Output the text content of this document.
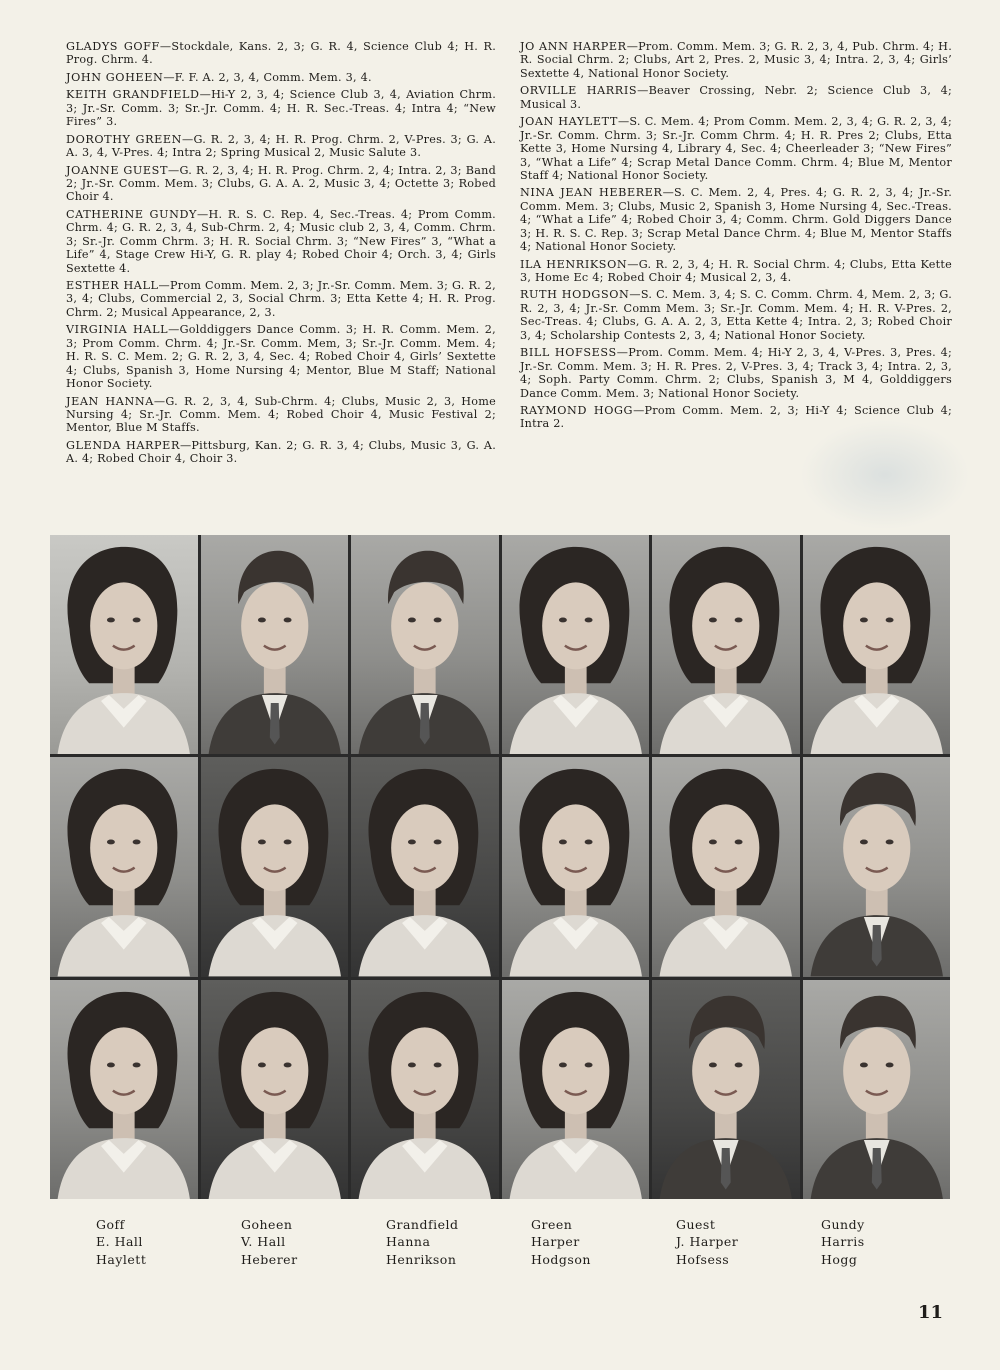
GLADYS GOFF—Stockdale, Kans. 2, 3; G. R. 4, Science Club 4; H. R. Prog. Chrm. 4.

JOHN GOHEEN—F. F. A. 2, 3, 4, Comm. Mem. 3, 4.

KEITH GRANDFIELD—Hi-Y 2, 3, 4; Science Club 3, 4, Aviation Chrm. 3; Jr.-Sr. Comm. 3; Sr.-Jr. Comm. 4; H. R. Sec.-Treas. 4; Intra 4; “New Fires” 3.

DOROTHY GREEN—G. R. 2, 3, 4; H. R. Prog. Chrm. 2, V-Pres. 3; G. A. A. 3, 4, V-Pres. 4; Intra 2; Spring Musical 2, Music Salute 3.

JOANNE GUEST—G. R. 2, 3, 4; H. R. Prog. Chrm. 2, 4; Intra. 2, 3; Band 2; Jr.-Sr. Comm. Mem. 3; Clubs, G. A. A. 2, Music 3, 4; Octette 3; Robed Choir 4.

CATHERINE GUNDY—H. R. S. C. Rep. 4, Sec.-Treas. 4; Prom Comm. Chrm. 4; G. R. 2, 3, 4, Sub-Chrm. 2, 4; Music club 2, 3, 4, Comm. Chrm. 3; Sr.-Jr. Comm Chrm. 3; H. R. Social Chrm. 3; “New Fires” 3, “What a Life” 4, Stage Crew Hi-Y, G. R. play 4; Robed Choir 4; Orch. 3, 4; Girls Sextette 4.

ESTHER HALL—Prom Comm. Mem. 2, 3; Jr.-Sr. Comm. Mem. 3; G. R. 2, 3, 4; Clubs, Commercial 2, 3, Social Chrm. 3; Etta Kette 4; H. R. Prog. Chrm. 2; Musical Appearance, 2, 3.

VIRGINIA HALL—Golddiggers Dance Comm. 3; H. R. Comm. Mem. 2, 3; Prom Comm. Chrm. 4; Jr.-Sr. Comm. Mem, 3; Sr.-Jr. Comm. Mem. 4; H. R. S. C. Mem. 2; G. R. 2, 3, 4, Sec. 4; Robed Choir 4, Girls’ Sextette 4; Clubs, Spanish 3, Home Nursing 4; Mentor, Blue M Staff; National Honor Society.

JEAN HANNA—G. R. 2, 3, 4, Sub-Chrm. 4; Clubs, Music 2, 3, Home Nursing 4; Sr.-Jr. Comm. Mem. 4; Robed Choir 4, Music Festival 2; Mentor, Blue M Staffs.

GLENDA HARPER—Pittsburg, Kan. 2; G. R. 3, 4; Clubs, Music 3, G. A. A. 4; Robed Choir 4, Choir 3.

JO ANN HARPER—Prom. Comm. Mem. 3; G. R. 2, 3, 4, Pub. Chrm. 4; H. R. Social Chrm. 2; Clubs, Art 2, Pres. 2, Music 3, 4; Intra. 2, 3, 4; Girls’ Sextette 4, National Honor Society.

ORVILLE HARRIS—Beaver Crossing, Nebr. 2; Science Club 3, 4; Musical 3.

JOAN HAYLETT—S. C. Mem. 4; Prom Comm. Mem. 2, 3, 4; G. R. 2, 3, 4; Jr.-Sr. Comm. Chrm. 3; Sr.-Jr. Comm Chrm. 4; H. R. Pres 2; Clubs, Etta Kette 3, Home Nursing 4, Library 4, Sec. 4; Cheerleader 3; “New Fires” 3, “What a Life” 4; Scrap Metal Dance Comm. Chrm. 4; Blue M, Mentor Staff 4; National Honor Society.

NINA JEAN HEBERER—S. C. Mem. 2, 4, Pres. 4; G. R. 2, 3, 4; Jr.-Sr. Comm. Mem. 3; Clubs, Music 2, Spanish 3, Home Nursing 4, Sec.-Treas. 4; “What a Life” 4; Robed Choir 3, 4; Comm. Chrm. Gold Diggers Dance 3; H. R. S. C. Rep. 3; Scrap Metal Dance Chrm. 4; Blue M, Mentor Staffs 4; National Honor Society.

ILA HENRIKSON—G. R. 2, 3, 4; H. R. Social Chrm. 4; Clubs, Etta Kette 3, Home Ec 4; Robed Choir 4; Musical 2, 3, 4.

RUTH HODGSON—S. C. Mem. 3, 4; S. C. Comm. Chrm. 4, Mem. 2, 3; G. R. 2, 3, 4; Jr.-Sr. Comm Mem. 3; Sr.-Jr. Comm. Mem. 4; H. R. V-Pres. 2, Sec-Treas. 4; Clubs, G. A. A. 2, 3, Etta Kette 4; Intra. 2, 3; Robed Choir 3, 4; Scholarship Contests 2, 3, 4; National Honor Society.

BILL HOFSESS—Prom. Comm. Mem. 4; Hi-Y 2, 3, 4, V-Pres. 3, Pres. 4; Jr.-Sr. Comm. Mem. 3; H. R. Pres. 2, V-Pres. 3, 4; Track 3, 4; Intra. 2, 3, 4; Soph. Party Comm. Chrm. 2; Clubs, Spanish 3, M 4, Golddiggers Dance Comm. Mem. 3; National Honor Society.

RAYMOND HOGG—Prom Comm. Mem. 2, 3; Hi-Y 4; Science Club 4; Intra 2.

Goff
E. Hall
Haylett
Goheen
V. Hall
Heberer
Grandfield
Hanna
Henrikson
Green
Harper
Hodgson
Guest
J. Harper
Hofsess
Gundy
Harris
Hogg
11
